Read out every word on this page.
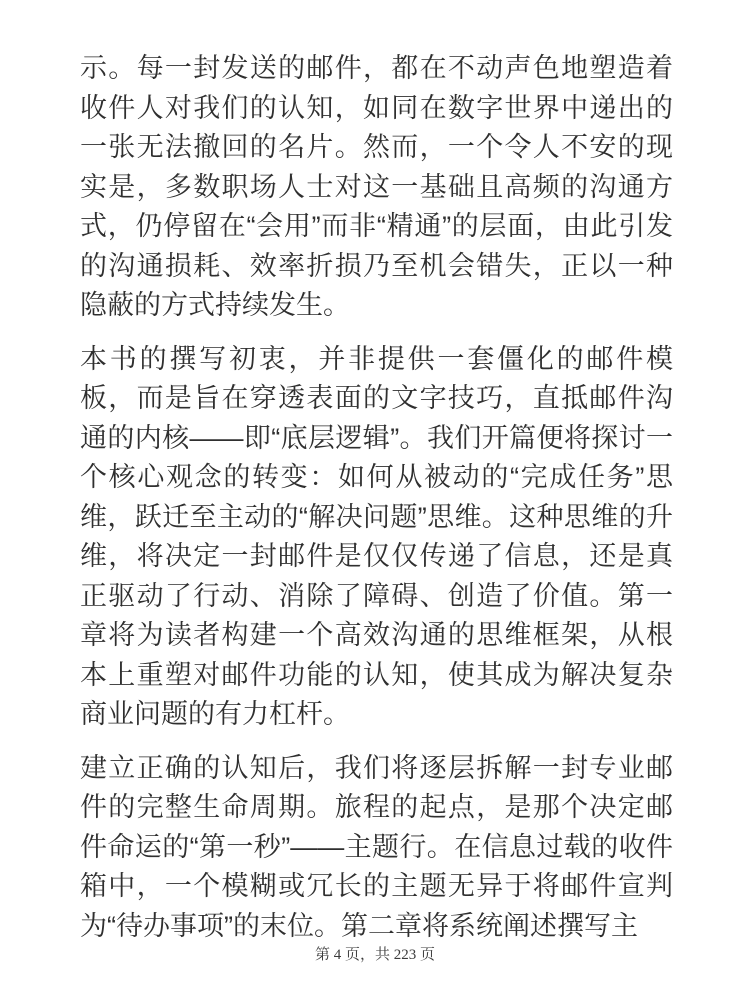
示。每一封发送的邮件，都在不动声色地塑造着收件人对我们的认知，如同在数字世界中递出的一张无法撤回的名片。然而，一个令人不安的现实是，多数职场人士对这一基础且高频的沟通方式，仍停留在“会用”而非“精通”的层面，由此引发的沟通损耗、效率折损乃至机会错失，正以一种隐蔽的方式持续发生。

本书的撰写初衷，并非提供一套僵化的邮件模板，而是旨在穿透表面的文字技巧，直抵邮件沟通的内核——即“底层逻辑”。我们开篇便将探讨一个核心观念的转变：如何从被动的“完成任务”思维，跃迁至主动的“解决问题”思维。这种思维的升维，将决定一封邮件是仅仅传递了信息，还是真正驱动了行动、消除了障碍、创造了价值。第一章将为读者构建一个高效沟通的思维框架，从根本上重塑对邮件功能的认知，使其成为解决复杂商业问题的有力杠杆。

建立正确的认知后，我们将逐层拆解一封专业邮件的完整生命周期。旅程的起点，是那个决定邮件命运的“第一秒”——主题行。在信息过载的收件箱中，一个模糊或冗长的主题无异于将邮件宣判为“待办事项”的末位。第二章将系统阐述撰写主

第 4 页，共 223 页
